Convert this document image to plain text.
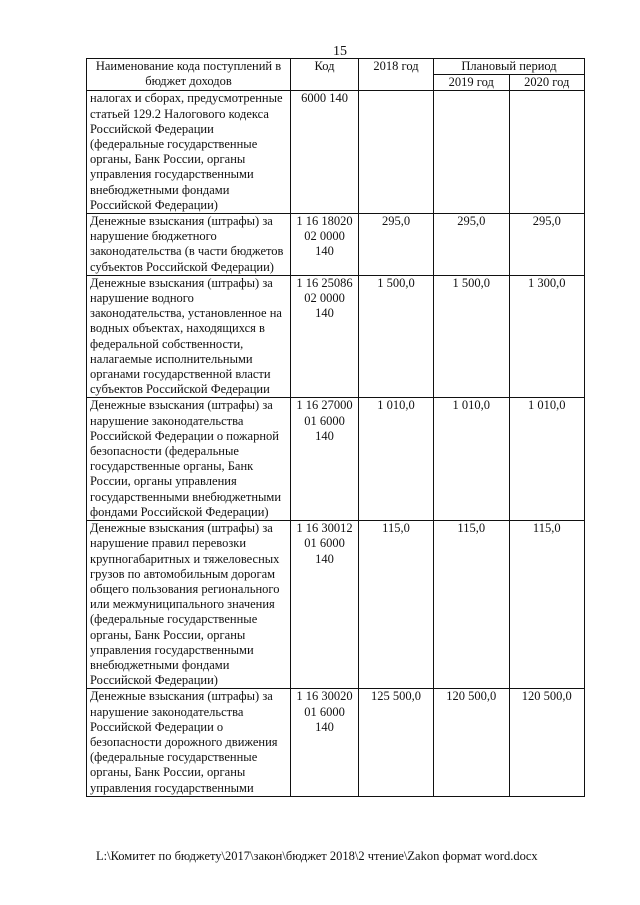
15
Наименование кода поступлений в бюджет доходов	Код	2018 год	Плановый период	
			2019 год	2020 год
налогах и сборах, предусмотренные статьей 129.2 Налогового кодекса Российской Федерации (федеральные государственные органы, Банк России, органы управления государственными внебюджетными фондами Российской Федерации)	6000 140			
Денежные взыскания (штрафы) за нарушение бюджетного законодательства (в части бюджетов субъектов Российской Федерации)	1 16 18020 02 0000 140	295,0	295,0	295,0
Денежные взыскания (штрафы) за нарушение водного законодательства, установленное на водных объектах, находящихся в федеральной собственности, налагаемые исполнительными органами государственной власти субъектов Российской Федерации	1 16 25086 02 0000 140	1 500,0	1 500,0	1 300,0
Денежные взыскания (штрафы) за нарушение законодательства Российской Федерации о пожарной безопасности (федеральные государственные органы, Банк России, органы управления государственными внебюджетными фондами Российской Федерации)	1 16 27000 01 6000 140	1 010,0	1 010,0	1 010,0
Денежные взыскания (штрафы) за нарушение правил перевозки крупногабаритных и тяжеловесных грузов по автомобильным дорогам общего пользования регионального или межмуниципального значения (федеральные государственные органы, Банк России, органы управления государственными внебюджетными фондами Российской Федерации)	1 16 30012 01 6000 140	115,0	115,0	115,0
Денежные взыскания (штрафы) за нарушение законодательства Российской Федерации о безопасности дорожного движения (федеральные государственные органы, Банк России, органы управления государственными	1 16 30020 01 6000 140	125 500,0	120 500,0	120 500,0
L:\Комитет по бюджету\2017\закон\бюджет 2018\2 чтение\Zakon формат word.docx
